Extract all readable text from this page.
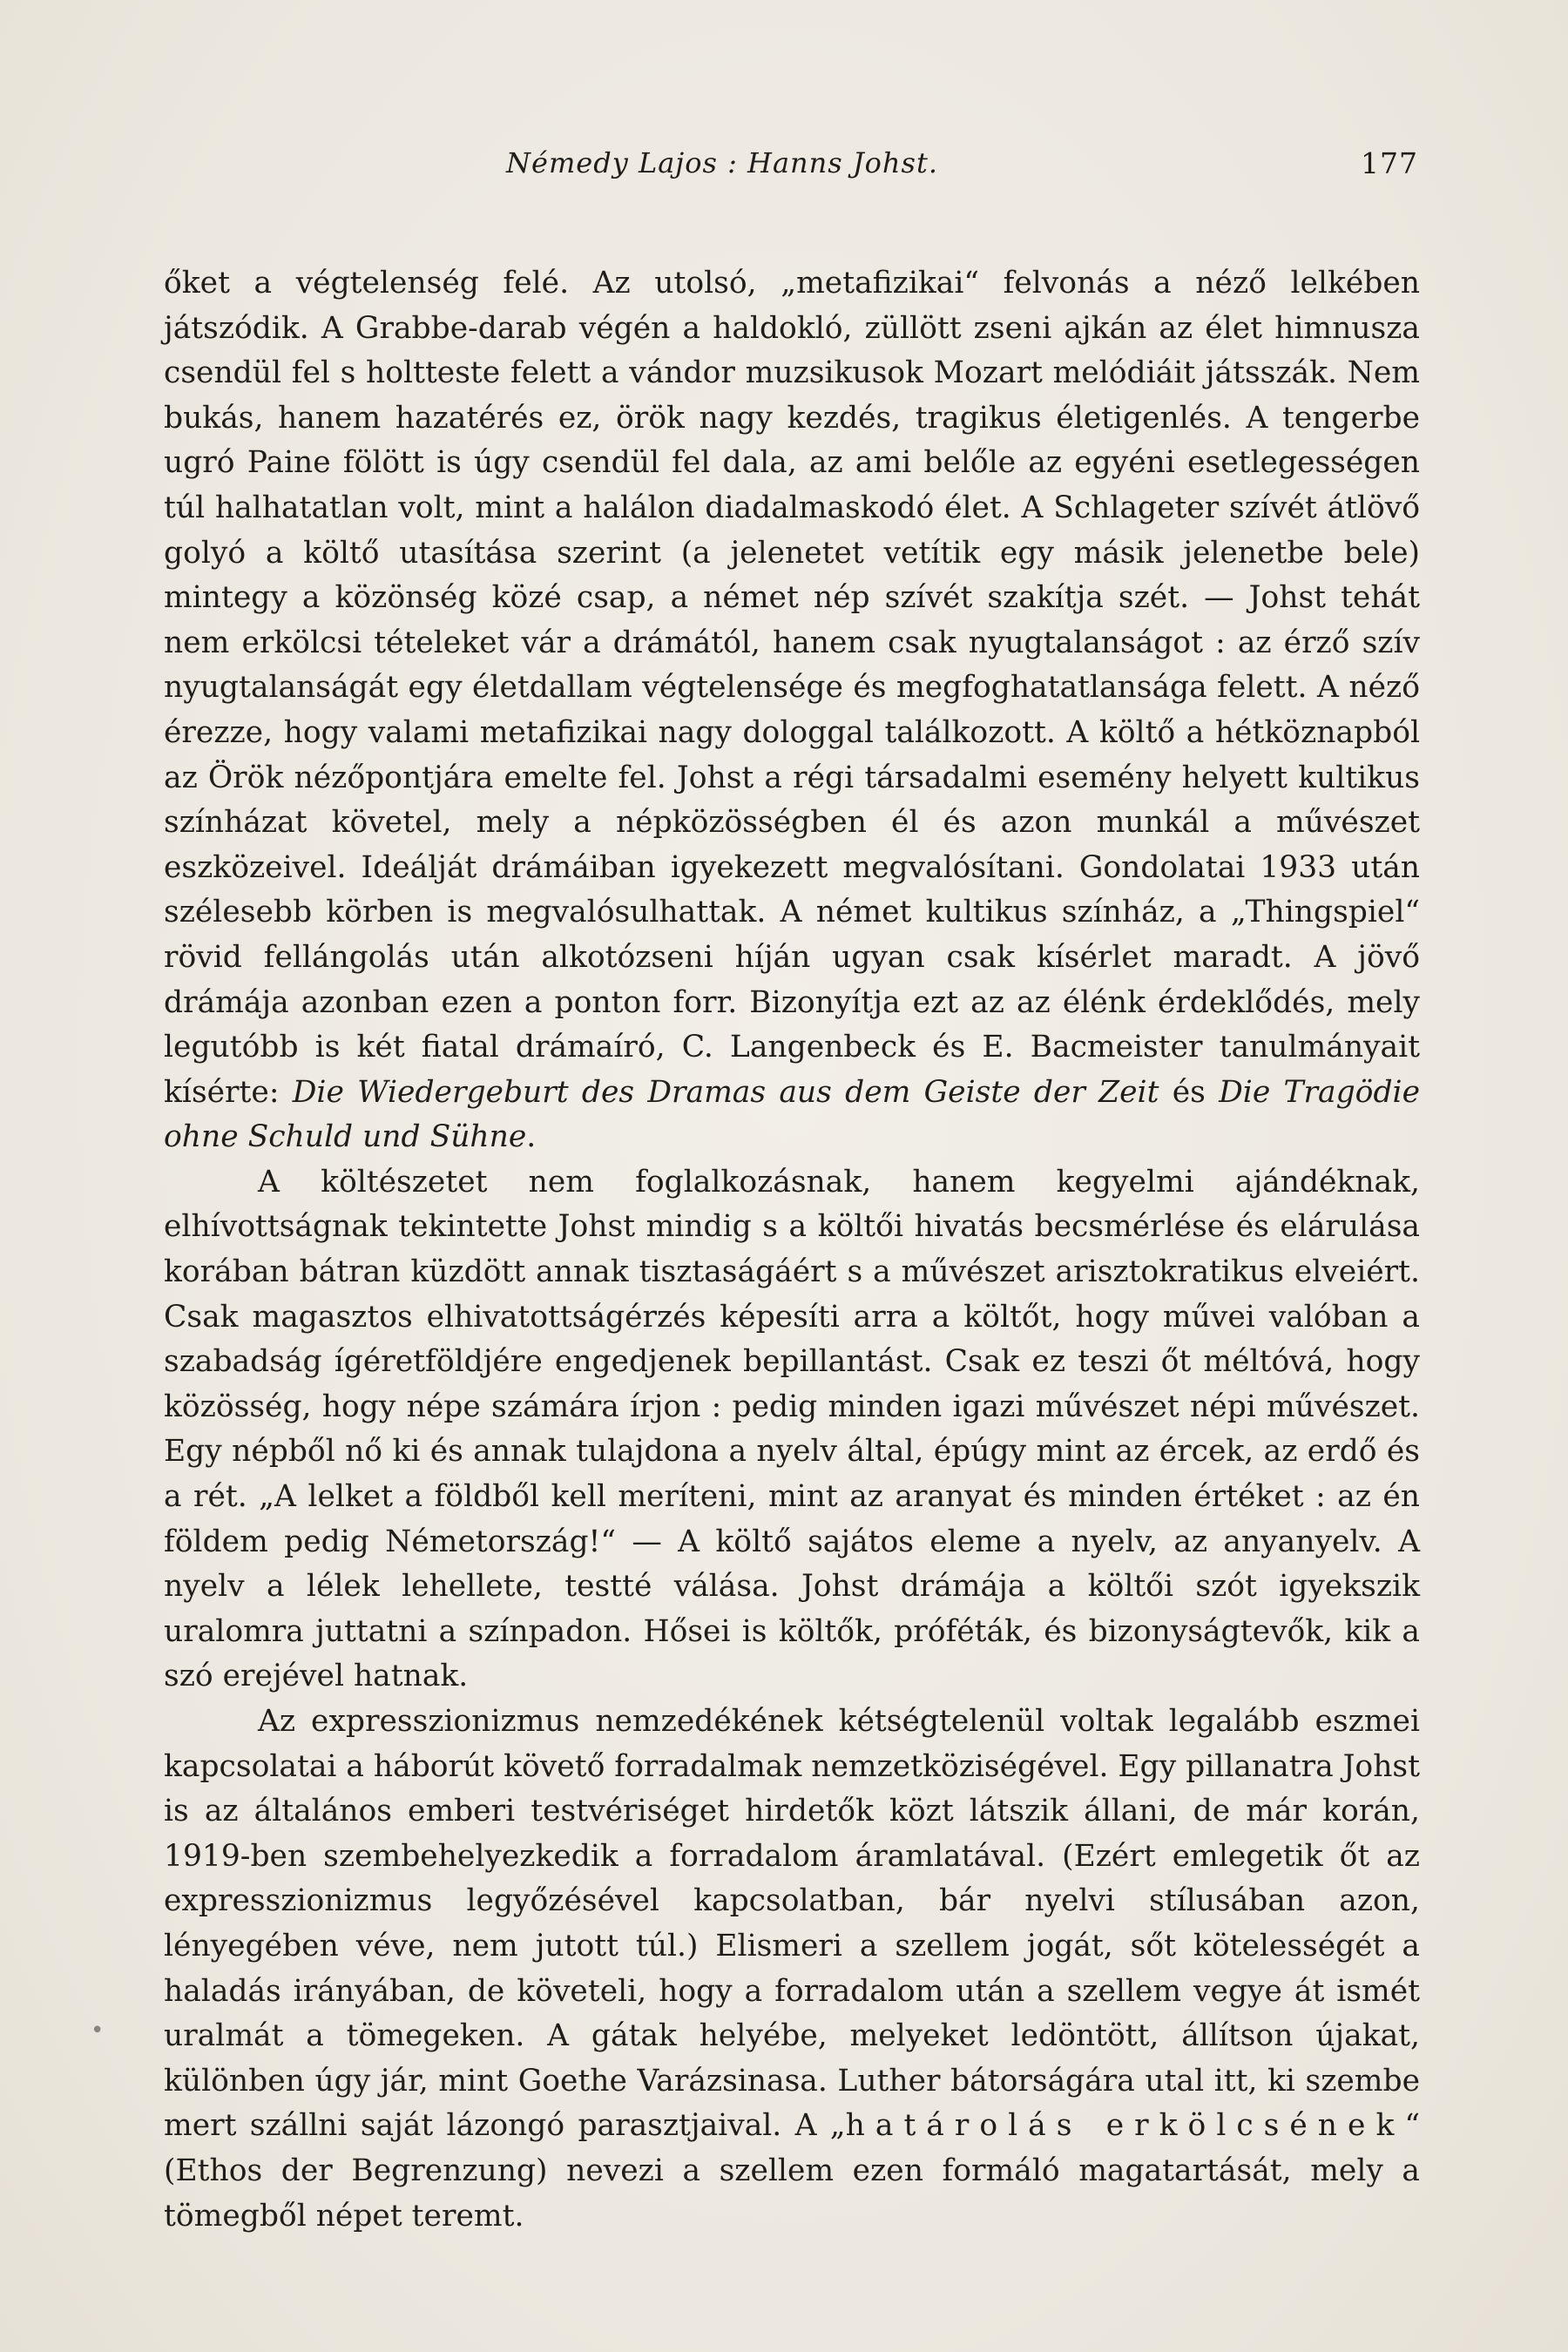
Némedy Lajos : Hanns Johst.	177

őket a végtelenség felé. Az utolsó, „metafizikai“ felvonás a néző lelkében játszódik. A Grabbe-darab végén a haldokló, züllött zseni ajkán az élet himnusza csendül fel s holtteste felett a vándor muzsikusok Mozart melódiáit játsszák. Nem bukás, hanem hazatérés ez, örök nagy kezdés, tragikus életigenlés. A tengerbe ugró Paine fölött is úgy csendül fel dala, az ami belőle az egyéni esetlegességen túl halhatatlan volt, mint a halálon diadalmaskodó élet. A Schlageter szívét átlövő golyó a költő utasítása szerint (a jelenetet vetítik egy másik jelenetbe bele) mintegy a közönség közé csap, a német nép szívét szakítja szét. — Johst tehát nem erkölcsi tételeket vár a drámától, hanem csak nyugtalanságot : az érző szív nyugtalanságát egy életdallam végtelensége és megfoghatatlansága felett. A néző érezze, hogy valami metafizikai nagy dologgal találkozott. A költő a hétköznapból az Örök nézőpontjára emelte fel. Johst a régi társadalmi esemény helyett kultikus színházat követel, mely a népközösségben él és azon munkál a művészet eszközeivel. Ideálját drámáiban igyekezett megvalósítani. Gondolatai 1933 után szélesebb körben is megvalósulhattak. A német kultikus színház, a „Thingspiel“ rövid fellángolás után alkotózseni híján ugyan csak kísérlet maradt. A jövő drámája azonban ezen a ponton forr. Bizonyítja ezt az az élénk érdeklődés, mely legutóbb is két fiatal drámaíró, C. Langenbeck és E. Bacmeister tanulmányait kísérte: Die Wiedergeburt des Dramas aus dem Geiste der Zeit és Die Tragödie ohne Schuld und Sühne.

A költészetet nem foglalkozásnak, hanem kegyelmi ajándéknak, elhívottságnak tekintette Johst mindig s a költői hivatás becsmérlése és elárulása korában bátran küzdött annak tisztaságáért s a művészet arisztokratikus elveiért. Csak magasztos elhivatottságérzés képesíti arra a költőt, hogy művei valóban a szabadság ígéretföldjére engedjenek bepillantást. Csak ez teszi őt méltóvá, hogy közösség, hogy népe számára írjon : pedig minden igazi művészet népi művészet. Egy népből nő ki és annak tulajdona a nyelv által, épúgy mint az ércek, az erdő és a rét. „A lelket a földből kell meríteni, mint az aranyat és minden értéket : az én földem pedig Németország!“ — A költő sajátos eleme a nyelv, az anyanyelv. A nyelv a lélek lehellete, testté válása. Johst drámája a költői szót igyekszik uralomra juttatni a színpadon. Hősei is költők, próféták, és bizonyságtevők, kik a szó erejével hatnak.

Az expresszionizmus nemzedékének kétségtelenül voltak legalább eszmei kapcsolatai a háborút követő forradalmak nemzetköziségével. Egy pillanatra Johst is az általános emberi testvériséget hirdetők közt látszik állani, de már korán, 1919-ben szembehelyezkedik a forradalom áramlatával. (Ezért emlegetik őt az expresszionizmus legyőzésével kapcsolatban, bár nyelvi stílusában azon, lényegében véve, nem jutott túl.) Elismeri a szellem jogát, sőt kötelességét a haladás irányában, de követeli, hogy a forradalom után a szellem vegye át ismét uralmát a tömegeken. A gátak helyébe, melyeket ledöntött, állítson újakat, különben úgy jár, mint Goethe Varázsinasa. Luther bátorságára utal itt, ki szembe mert szállni saját lázongó parasztjaival. A „határolás erkölcsének“ (Ethos der Begrenzung) nevezi a szellem ezen formáló magatartását, mely a tömegből népet teremt.

•
